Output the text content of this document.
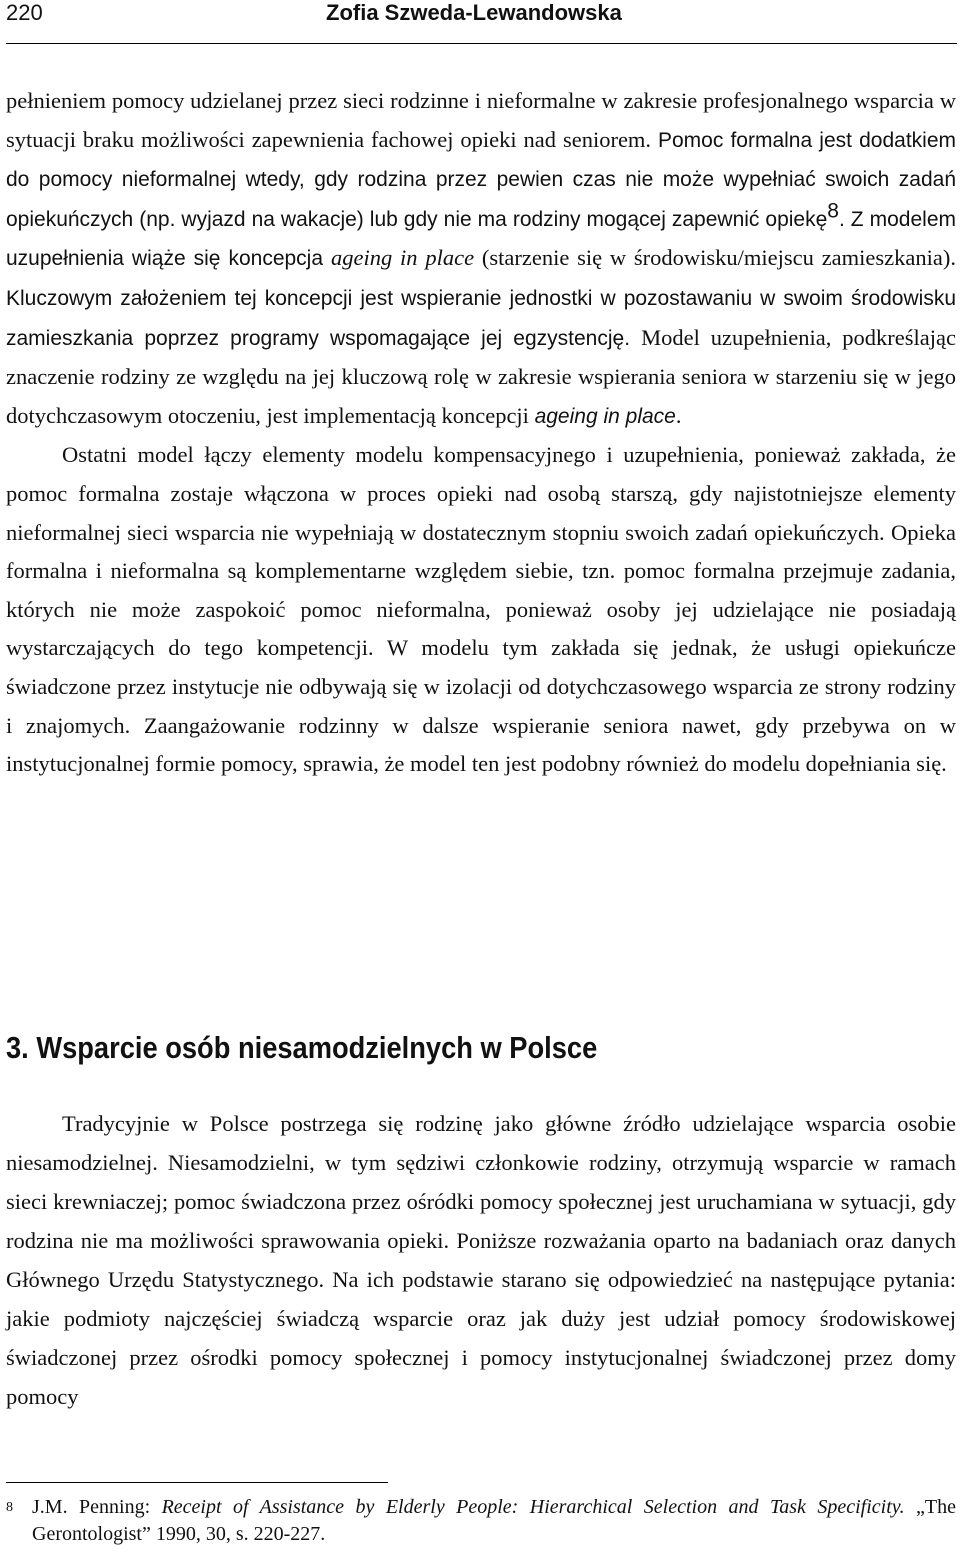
220	Zofia Szweda-Lewandowska

pełnieniem pomocy udzielanej przez sieci rodzinne i nieformalne w zakresie profesjonalnego wsparcia w sytuacji braku możliwości zapewnienia fachowej opieki nad seniorem. Pomoc formalna jest dodatkiem do pomocy nieformalnej wtedy, gdy rodzina przez pewien czas nie może wypełniać swoich zadań opiekuńczych (np. wyjazd na wakacje) lub gdy nie ma rodziny mogącej zapewnić opiekę$^8$. Z modelem uzupełnienia wiąże się koncepcja ageing in place (starzenie się w środowisku/miejscu zamieszkania). Kluczowym założeniem tej koncepcji jest wspieranie jednostki w pozostawaniu w swoim środowisku zamieszkania poprzez programy wspomagające jej egzystencję. Model uzupełnienia, podkreślając znaczenie rodziny ze względu na jej kluczową rolę w zakresie wspierania seniora w starzeniu się w jego dotychczasowym otoczeniu, jest implementacją koncepcji ageing in place.

Ostatni model łączy elementy modelu kompensacyjnego i uzupełnienia, ponieważ zakłada, że pomoc formalna zostaje włączona w proces opieki nad osobą starszą, gdy najistotniejsze elementy nieformalnej sieci wsparcia nie wypełniają w dostatecznym stopniu swoich zadań opiekuńczych. Opieka formalna i nieformalna są komplementarne względem siebie, tzn. pomoc formalna przejmuje zadania, których nie może zaspokoić pomoc nieformalna, ponieważ osoby jej udzielające nie posiadają wystarczających do tego kompetencji. W modelu tym zakłada się jednak, że usługi opiekuńcze świadczone przez instytucje nie odbywają się w izolacji od dotychczasowego wsparcia ze strony rodziny i znajomych. Zaangażowanie rodzinny w dalsze wspieranie seniora nawet, gdy przebywa on w instytucjonalnej formie pomocy, sprawia, że model ten jest podobny również do modelu dopełniania się.

3. Wsparcie osób niesamodzielnych w Polsce

Tradycyjnie w Polsce postrzega się rodzinę jako główne źródło udzielające wsparcia osobie niesamodzielnej. Niesamodzielni, w tym sędziwi członkowie rodziny, otrzymują wsparcie w ramach sieci krewniaczej; pomoc świadczona przez ośródki pomocy społecznej jest uruchamiana w sytuacji, gdy rodzina nie ma możliwości sprawowania opieki. Poniższe rozważania oparto na badaniach oraz danych Głównego Urzędu Statystycznego. Na ich podstawie starano się odpowiedzieć na następujące pytania: jakie podmioty najczęściej świadczą wsparcie oraz jak duży jest udział pomocy środowiskowej świadczonej przez ośrodki pomocy społecznej i pomocy instytucjonalnej świadczonej przez domy pomocy

8 J.M. Penning: Receipt of Assistance by Elderly People: Hierarchical Selection and Task Specificity. „The Gerontologist” 1990, 30, s. 220-227.
